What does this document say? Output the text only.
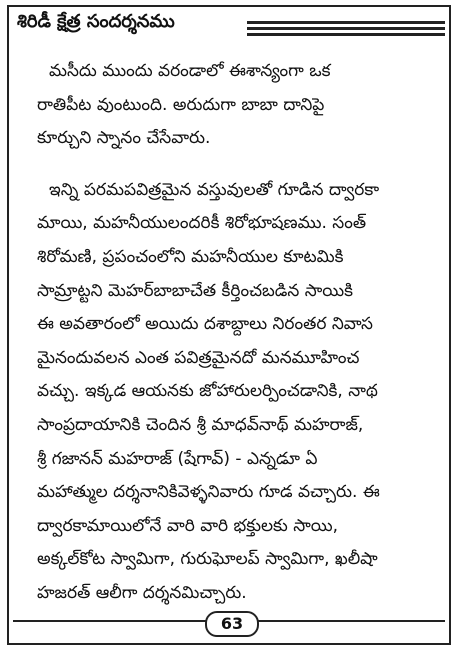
శిరిడీ క్షేత్ర సందర్శనము
మసీదు ముందు వరండాలో ఈశాన్యంగా ఒక
రాతిపీట వుంటుంది. అరుదుగా బాబా దానిపై
కూర్చుని స్నానం చేసేవారు.
ఇన్ని పరమపవిత్రమైన వస్తువులతో గూడిన ద్వారకా
మాయి, మహనీయులందరికీ శిరోభూషణము. సంత్
శిరోమణి, ప్రపంచంలోని మహనీయుల కూటమికి
సామ్రాట్టని మెహర్‌బాబాచేత కీర్తించబడిన సాయికి
ఈ అవతారంలో అయిదు దశాబ్దాలు నిరంతర నివాస
మైనందువలన ఎంత పవిత్రమైనదో మనమూహించ
వచ్చు. ఇక్కడ ఆయనకు జోహారులర్పించడానికి, నాథ
సాంప్రదాయానికి చెందిన శ్రీ మాధవ్‌నాథ్ మహరాజ్,
శ్రీ గజానన్ మహరాజ్ (షేగావ్) - ఎన్నడూ ఏ
మహాత్ముల దర్శనానికివెళ్ళనివారు గూడ వచ్చారు. ఈ
ద్వారకామాయిలోనే వారి వారి భక్తులకు సాయి,
అక్కల్‌కోట స్వామిగా, గురుఘోలప్ స్వామిగా, ఖలీషా
హజరత్ ఆలీగా దర్శనమిచ్చారు.
63
